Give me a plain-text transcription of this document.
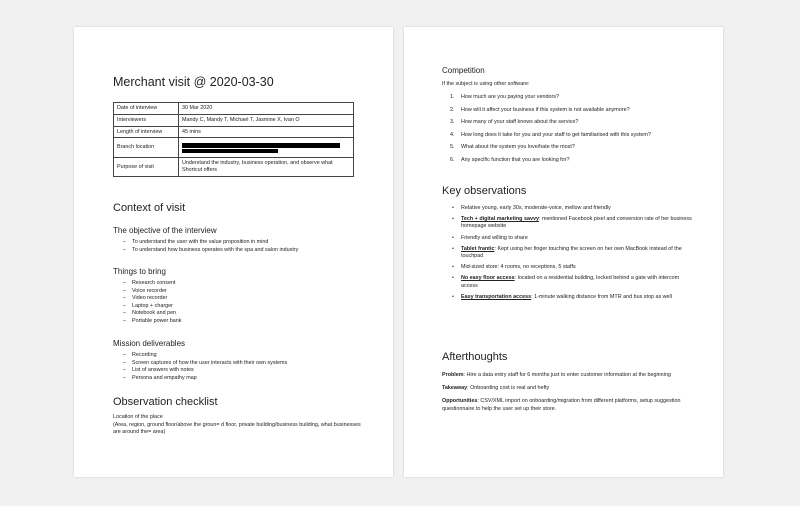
Merchant visit @ 2020-03-30
Date of interview	30 Mar 2020
Interviewers	Mandy C, Mandy T, Michael T, Jasmine X, Ivan O
Length of interview	45 mins
Branch location	

Purpose of visit	Understand the industry, business operation, and observe what Shortcut offers
Context of visit
The objective of the interview
– To understand the user with the value proposition in mind
– To understand how business operates with the spa and salon industry
Things to bring
– Research consent
– Voice recorder
– Video recorder
– Laptop + charger
– Notebook and pen
– Portable power bank
Mission deliverables
– Recording
– Screen captures of how the user interacts with their own systems
– List of answers with notes
– Persona and empathy map
Observation checklist
Location of the place
(Area, region, ground floor/above the groun= d floor, private building/business building, what businesses are around the= area)
Competition
If the subject is using other software:
1. How much are you paying your vendors?
2. How will it affect your business if this system is not available anymore?
3. How many of your staff knows about the service?
4. How long does it take for you and your staff to get familiarised with this system?
5. What about the system you love/hate the most?
6. Any specific function that you are looking for?
Key observations
• Relative young, early 30s, moderate-voice, mellow and friendly
• Tech + digital marketing savvy: mentioned Facebook pixel and conversion rate of her business homepage website
• Friendly and willing to share
• Tablet frantic: Kept using her finger touching the screen on her own MacBook instead of the touchpad
• Mid-sized store: 4 rooms, no receptions, 5 staffs
• No easy floor access: located on a residential building, locked behind a gate with intercom access
• Easy transportation access: 1-minute walking distance from MTR and bus stop as well
Afterthoughts

Problem: Hire a data entry staff for 6 months just to enter customer information at the beginning

Takeaway: Onboarding cost is real and hefty

Opportunities: CSV/XML import on onboarding/migration from different platforms, setup suggestion questionnaire to help the user set up their store.
